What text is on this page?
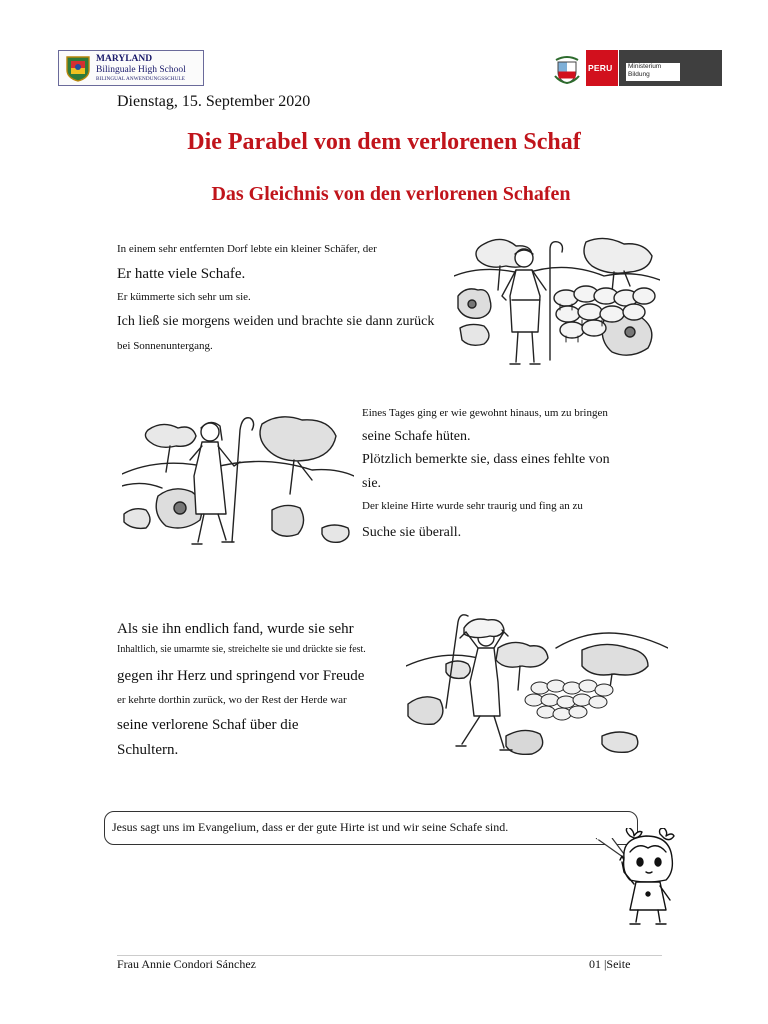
MARYLAND
Bilinguale High School
BILINGUAL ANWENDUNGSSCHULE
PERU	Ministerium
Bildung
Dienstag, 15. September 2020
Die Parabel von dem verlorenen Schaf
Das Gleichnis von den verlorenen Schafen
In einem sehr entfernten Dorf lebte ein kleiner Schäfer, der
Er hatte viele Schafe.
Er kümmerte sich sehr um sie.
Ich ließ sie morgens weiden und brachte sie dann zurück
bei Sonnenuntergang.
Eines Tages ging er wie gewohnt hinaus, um zu bringen
seine Schafe hüten.
Plötzlich bemerkte sie, dass eines fehlte von
sie.
Der kleine Hirte wurde sehr traurig und fing an zu
Suche sie überall.
Als sie ihn endlich fand, wurde sie sehr
Inhaltlich, sie umarmte sie, streichelte sie und drückte sie fest.
gegen ihr Herz und springend vor Freude
er kehrte dorthin zurück, wo der Rest der Herde war
seine verlorene Schaf über die
Schultern.
Jesus sagt uns im Evangelium, dass er der gute Hirte ist und wir seine Schafe sind.
Frau Annie Condori Sánchez	01 |Seite
